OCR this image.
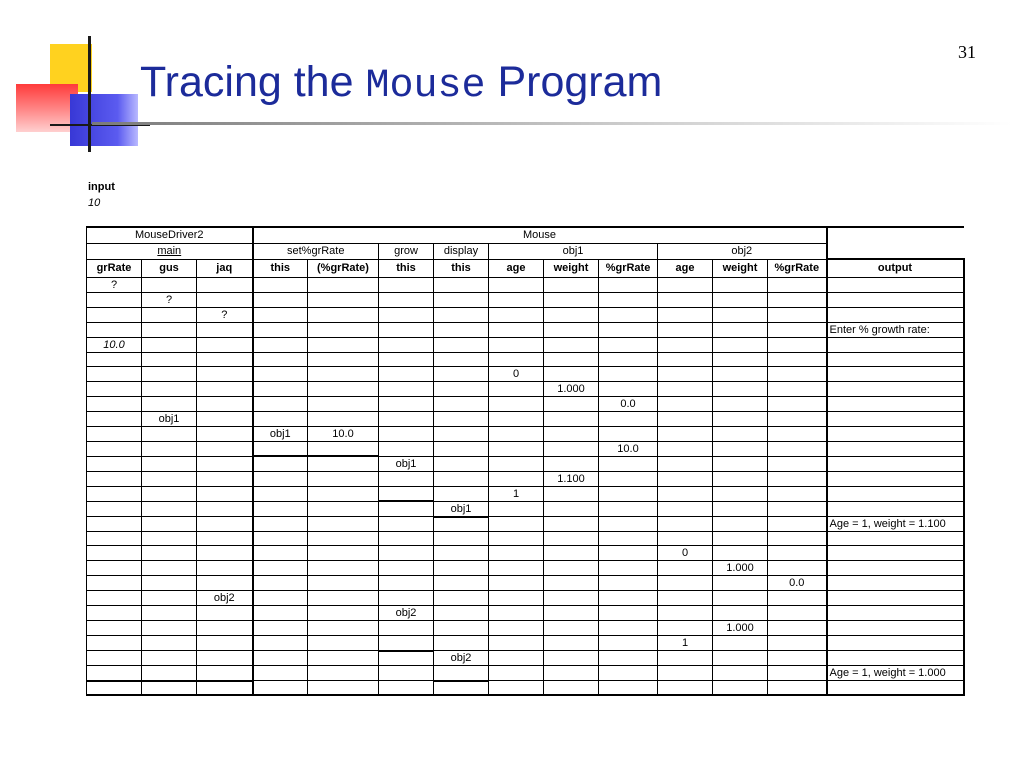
Tracing the Mouse Program
31
input
10
MouseDriver2			Mouse										
main			set%grRate		grow	display	obj1			obj2			
grRate	gus	jaq	this	(%grRate)	this	this	age	weight	%grRate	age	weight	%grRate	output
?													
	?												
		?											
													Enter % growth rate:
10.0													

							0						
								1.000					
									0.0				
	obj1												
			obj1	10.0									
									10.0				
					obj1								
								1.100					
							1						
						obj1							
													Age = 1, weight = 1.100

										0			
											1.000		
												0.0	
		obj2											
					obj2								
											1.000		
										1			
						obj2							
													Age = 1, weight = 1.000
